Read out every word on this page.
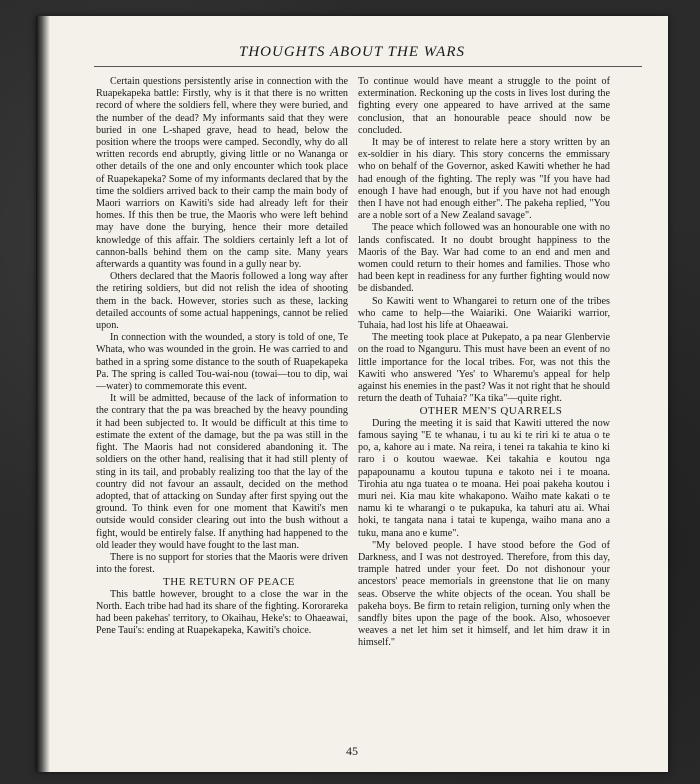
THOUGHTS ABOUT THE WARS

Certain questions persistently arise in connection with the Ruapekapeka battle: Firstly, why is it that there is no written record of where the soldiers fell, where they were buried, and the number of the dead? My informants said that they were buried in one L-shaped grave, head to head, below the position where the troops were camped. Secondly, why do all written records end abruptly, giving little or no Wananga or other details of the one and only encounter which took place of Ruapekapeka? Some of my informants declared that by the time the soldiers arrived back to their camp the main body of Maori warriors on Kawiti's side had already left for their homes. If this then be true, the Maoris who were left behind may have done the burying, hence their more detailed knowledge of this affair. The soldiers certainly left a lot of cannon-balls behind them on the camp site. Many years afterwards a quantity was found in a gully near by.

Others declared that the Maoris followed a long way after the retiring soldiers, but did not relish the idea of shooting them in the back. However, stories such as these, lacking detailed accounts of some actual happenings, cannot be relied upon.

In connection with the wounded, a story is told of one, Te Whata, who was wounded in the groin. He was carried to and bathed in a spring some distance to the south of Ruapekapeka Pa. The spring is called Tou-wai-nou (towai—tou to dip, wai—water) to commemorate this event.

It will be admitted, because of the lack of information to the contrary that the pa was breached by the heavy pounding it had been subjected to. It would be difficult at this time to estimate the extent of the damage, but the pa was still in the fight. The Maoris had not considered abandoning it. The soldiers on the other hand, realising that it had still plenty of sting in its tail, and probably realizing too that the lay of the country did not favour an assault, decided on the method adopted, that of attacking on Sunday after first spying out the ground. To think even for one moment that Kawiti's men outside would consider clearing out into the bush without a fight, would be entirely false. If anything had happened to the old leader they would have fought to the last man.

There is no support for stories that the Maoris were driven into the forest.

THE RETURN OF PEACE

This battle however, brought to a close the war in the North. Each tribe had had its share of the fighting. Kororareka had been pakehas' territory, to Okaihau, Heke's: to Ohaeawai, Pene Taui's: ending at Ruapekapeka, Kawiti's choice.

To continue would have meant a struggle to the point of extermination. Reckoning up the costs in lives lost during the fighting every one appeared to have arrived at the same conclusion, that an honourable peace should now be concluded.

It may be of interest to relate here a story written by an ex-soldier in his diary. This story concerns the emmissary who on behalf of the Governor, asked Kawiti whether he had had enough of the fighting. The reply was "If you have had enough I have had enough, but if you have not had enough then I have not had enough either". The pakeha replied, "You are a noble sort of a New Zealand savage".

The peace which followed was an honourable one with no lands confiscated. It no doubt brought happiness to the Maoris of the Bay. War had come to an end and men and women could return to their homes and families. Those who had been kept in readiness for any further fighting would now be disbanded.

So Kawiti went to Whangarei to return one of the tribes who came to help—the Waiariki. One Waiariki warrior, Tuhaia, had lost his life at Ohaeawai.

The meeting took place at Pukepato, a pa near Glenbervie on the road to Nganguru. This must have been an event of no little importance for the local tribes. For, was not this the Kawiti who answered 'Yes' to Wharemu's appeal for help against his enemies in the past? Was it not right that he should return the death of Tuhaia? "Ka tika"—quite right.

OTHER MEN'S QUARRELS

During the meeting it is said that Kawiti uttered the now famous saying "E te whanau, i tu au ki te riri ki te atua o te po, a, kahore au i mate. Na reira, i tenei ra takahia te kino ki raro i o koutou waewae. Kei takahia e koutou nga papapounamu a koutou tupuna e takoto nei i te moana. Tirohia atu nga tuatea o te moana. Hei poai pakeha koutou i muri nei. Kia mau kite whakapono. Waiho mate kakati o te namu ki te wharangi o te pukapuka, ka tahuri atu ai. Whai hoki, te tangata nana i tatai te kupenga, waiho mana ano a tuku, mana ano e kume".

"My beloved people. I have stood before the God of Darkness, and I was not destroyed. Therefore, from this day, trample hatred under your feet. Do not dishonour your ancestors' peace memorials in greenstone that lie on many seas. Observe the white objects of the ocean. You shall be pakeha boys. Be firm to retain religion, turning only when the sandfly bites upon the page of the book. Also, whosoever weaves a net let him set it himself, and let him draw it in himself."

45
